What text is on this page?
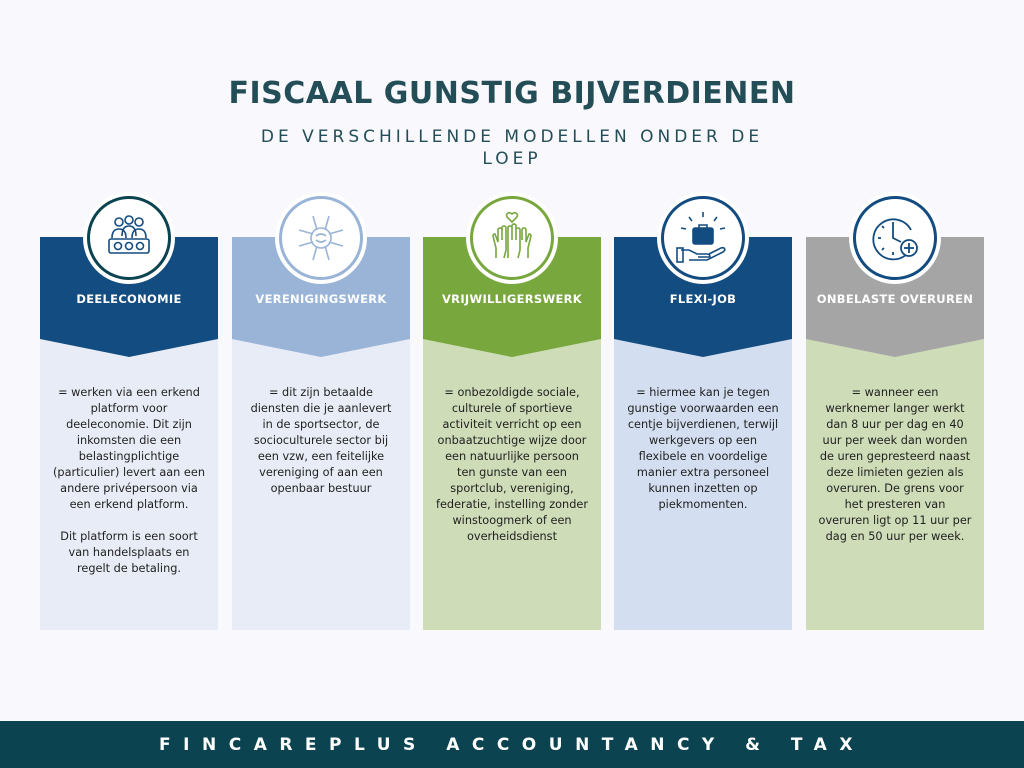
FISCAAL GUNSTIG BIJVERDIENEN
DE VERSCHILLENDE MODELLEN ONDER DE LOEP
DEELECONOMIE
= werken via een erkend platform voor deeleconomie. Dit zijn inkomsten die een belastingplichtige (particulier) levert aan een andere privépersoon via een erkend platform.

Dit platform is een soort van handelsplaats en regelt de betaling.
VERENIGINGSWERK
= dit zijn betaalde diensten die je aanlevert in de sportsector, de socioculturele sector bij een vzw, een feitelijke vereniging of aan een openbaar bestuur
VRIJWILLIGERSWERK
= onbezoldigde sociale, culturele of sportieve activiteit verricht op een onbaatzuchtige wijze door een natuurlijke persoon ten gunste van een sportclub, vereniging, federatie, instelling zonder winstoogmerk of een overheidsdienst
FLEXI-JOB
= hiermee kan je tegen gunstige voorwaarden een centje bijverdienen, terwijl werkgevers op een flexibele en voordelige manier extra personeel kunnen inzetten op piekmomenten.
ONBELASTE OVERUREN
= wanneer een werknemer langer werkt dan 8 uur per dag en 40 uur per week dan worden de uren gepresteerd naast deze limieten gezien als overuren. De grens voor het presteren van overuren ligt op 11 uur per dag en 50 uur per week.
FINCAREPLUS ACCOUNTANCY & TAX
